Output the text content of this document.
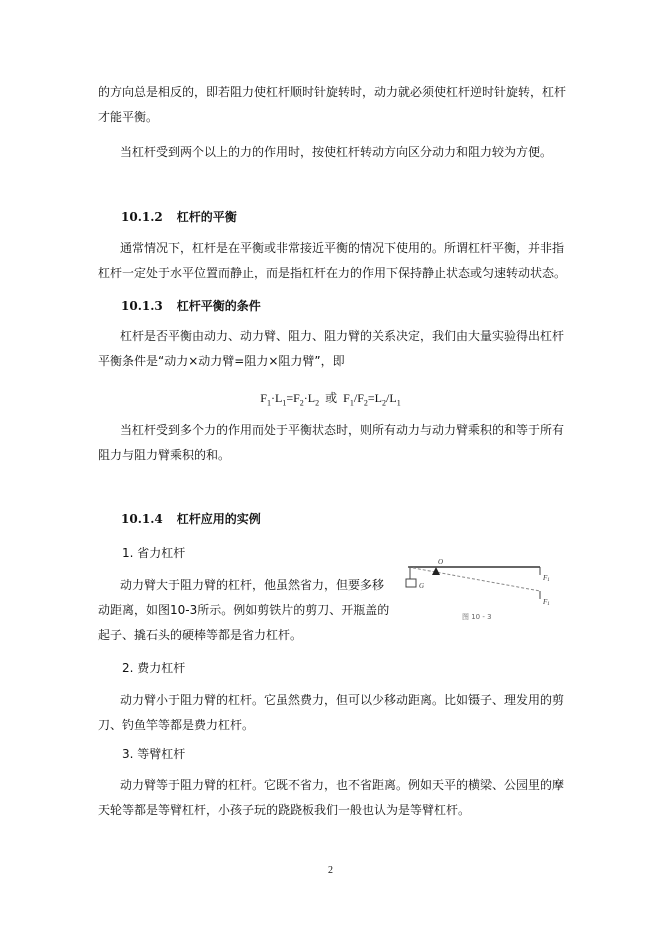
的方向总是相反的，即若阻力使杠杆顺时针旋转时，动力就必须使杠杆逆时针旋转，杠杆才能平衡。

当杠杆受到两个以上的力的作用时，按使杠杆转动方向区分动力和阻力较为方便。

10.1.2 杠杆的平衡

通常情况下，杠杆是在平衡或非常接近平衡的情况下使用的。所谓杠杆平衡，并非指杠杆一定处于水平位置而静止，而是指杠杆在力的作用下保持静止状态或匀速转动状态。

10.1.3 杠杆平衡的条件

杠杆是否平衡由动力、动力臂、阻力、阻力臂的关系决定，我们由大量实验得出杠杆平衡条件是“动力×动力臂=阻力×阻力臂”，即

$F_1\cdot L_1=F_2\cdot L_2$ 或 $F_1/F_2=L_2/L_1$

当杠杆受到多个力的作用而处于平衡状态时，则所有动力与动力臂乘积的和等于所有阻力与阻力臂乘积的和。

10.1.4 杠杆应用的实例

1. 省力杠杆

动力臂大于阻力臂的杠杆，他虽然省力，但要多移动距离，如图10-3所示。例如剪铁片的剪刀、开瓶盖的起子、撬石头的硬棒等都是省力杠杆。

G
O
F1
F1
图 10 - 3

2. 费力杠杆

动力臂小于阻力臂的杠杆。它虽然费力，但可以少移动距离。比如镊子、理发用的剪刀、钓鱼竿等都是费力杠杆。

3. 等臂杠杆

动力臂等于阻力臂的杠杆。它既不省力，也不省距离。例如天平的横梁、公园里的摩天轮等都是等臂杠杆，小孩子玩的跷跷板我们一般也认为是等臂杠杆。

2
